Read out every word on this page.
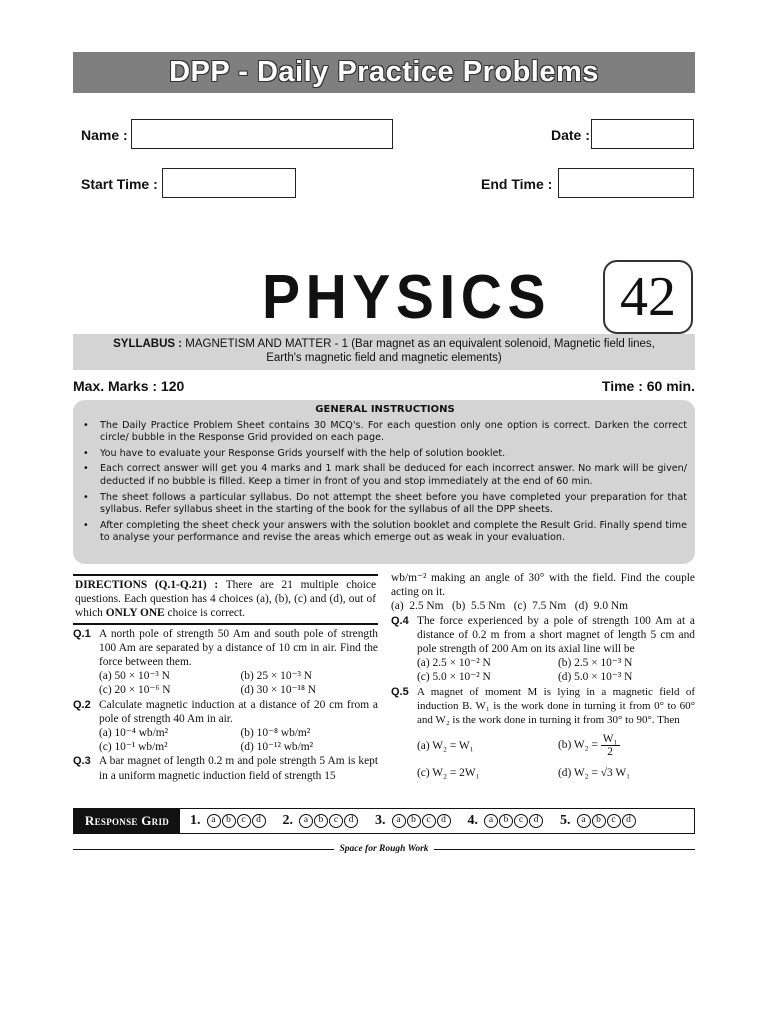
DPP - Daily Practice Problems
Name :	Date :
Start Time :	End Time :
PHYSICS 42
SYLLABUS : MAGNETISM AND MATTER - 1 (Bar magnet as an equivalent solenoid, Magnetic field lines,
Earth's magnetic field and magnetic elements)
Max. Marks : 120	Time : 60 min.
GENERAL INSTRUCTIONS
• The Daily Practice Problem Sheet contains 30 MCQ's. For each question only one option is correct. Darken the correct circle/ bubble in the Response Grid provided on each page.
• You have to evaluate your Response Grids yourself with the help of solution booklet.
• Each correct answer will get you 4 marks and 1 mark shall be deduced for each incorrect answer. No mark will be given/ deducted if no bubble is filled. Keep a timer in front of you and stop immediately at the end of 60 min.
• The sheet follows a particular syllabus. Do not attempt the sheet before you have completed your preparation for that syllabus. Refer syllabus sheet in the starting of the book for the syllabus of all the DPP sheets.
• After completing the sheet check your answers with the solution booklet and complete the Result Grid. Finally spend time to analyse your performance and revise the areas which emerge out as weak in your evaluation.
DIRECTIONS (Q.1-Q.21) : There are 21 multiple choice questions. Each question has 4 choices (a), (b), (c) and (d), out of which ONLY ONE choice is correct.
Q.1 A north pole of strength 50 Am and south pole of strength 100 Am are separated by a distance of 10 cm in air. Find the force between them.
(a) 50 × 10⁻³ N	(b) 25 × 10⁻³ N
(c) 20 × 10⁻⁶ N	(d) 30 × 10⁻¹⁸ N
Q.2 Calculate magnetic induction at a distance of 20 cm from a pole of strength 40 Am in air.
(a) 10⁻⁴ wb/m²	(b) 10⁻⁸ wb/m²
(c) 10⁻¹ wb/m²	(d) 10⁻¹² wb/m²
Q.3 A bar magnet of length 0.2 m and pole strength 5 Am is kept in a uniform magnetic induction field of strength 15
wb/m⁻² making an angle of 30° with the field. Find the couple acting on it.
(a)  2.5 Nm   (b)  5.5 Nm   (c)  7.5 Nm   (d)  9.0 Nm
Q.4 The force experienced by a pole of strength 100 Am at a distance of 0.2 m from a short magnet of length 5 cm and pole strength of 200 Am on its axial line will be
(a) 2.5 × 10⁻² N	(b) 2.5 × 10⁻³ N
(c) 5.0 × 10⁻² N	(d) 5.0 × 10⁻³ N
Q.5 A magnet of moment M is lying in a magnetic field of induction B. W₁ is the work done in turning it from 0° to 60° and W₂ is the work done in turning it from 30° to 90°. Then
(a) W₂ = W₁	(b) $W_2 = \frac{\text{W₁}}{2}$
(c) W₂ = 2W₁	(d) W₂ = √3 W₁
Response Grid	1.	a	b	c	d	2.	a	b	c	d	3.	a	b	c	d	4.	a	b	c	d	5.	a	b	c	d
Space for Rough Work
